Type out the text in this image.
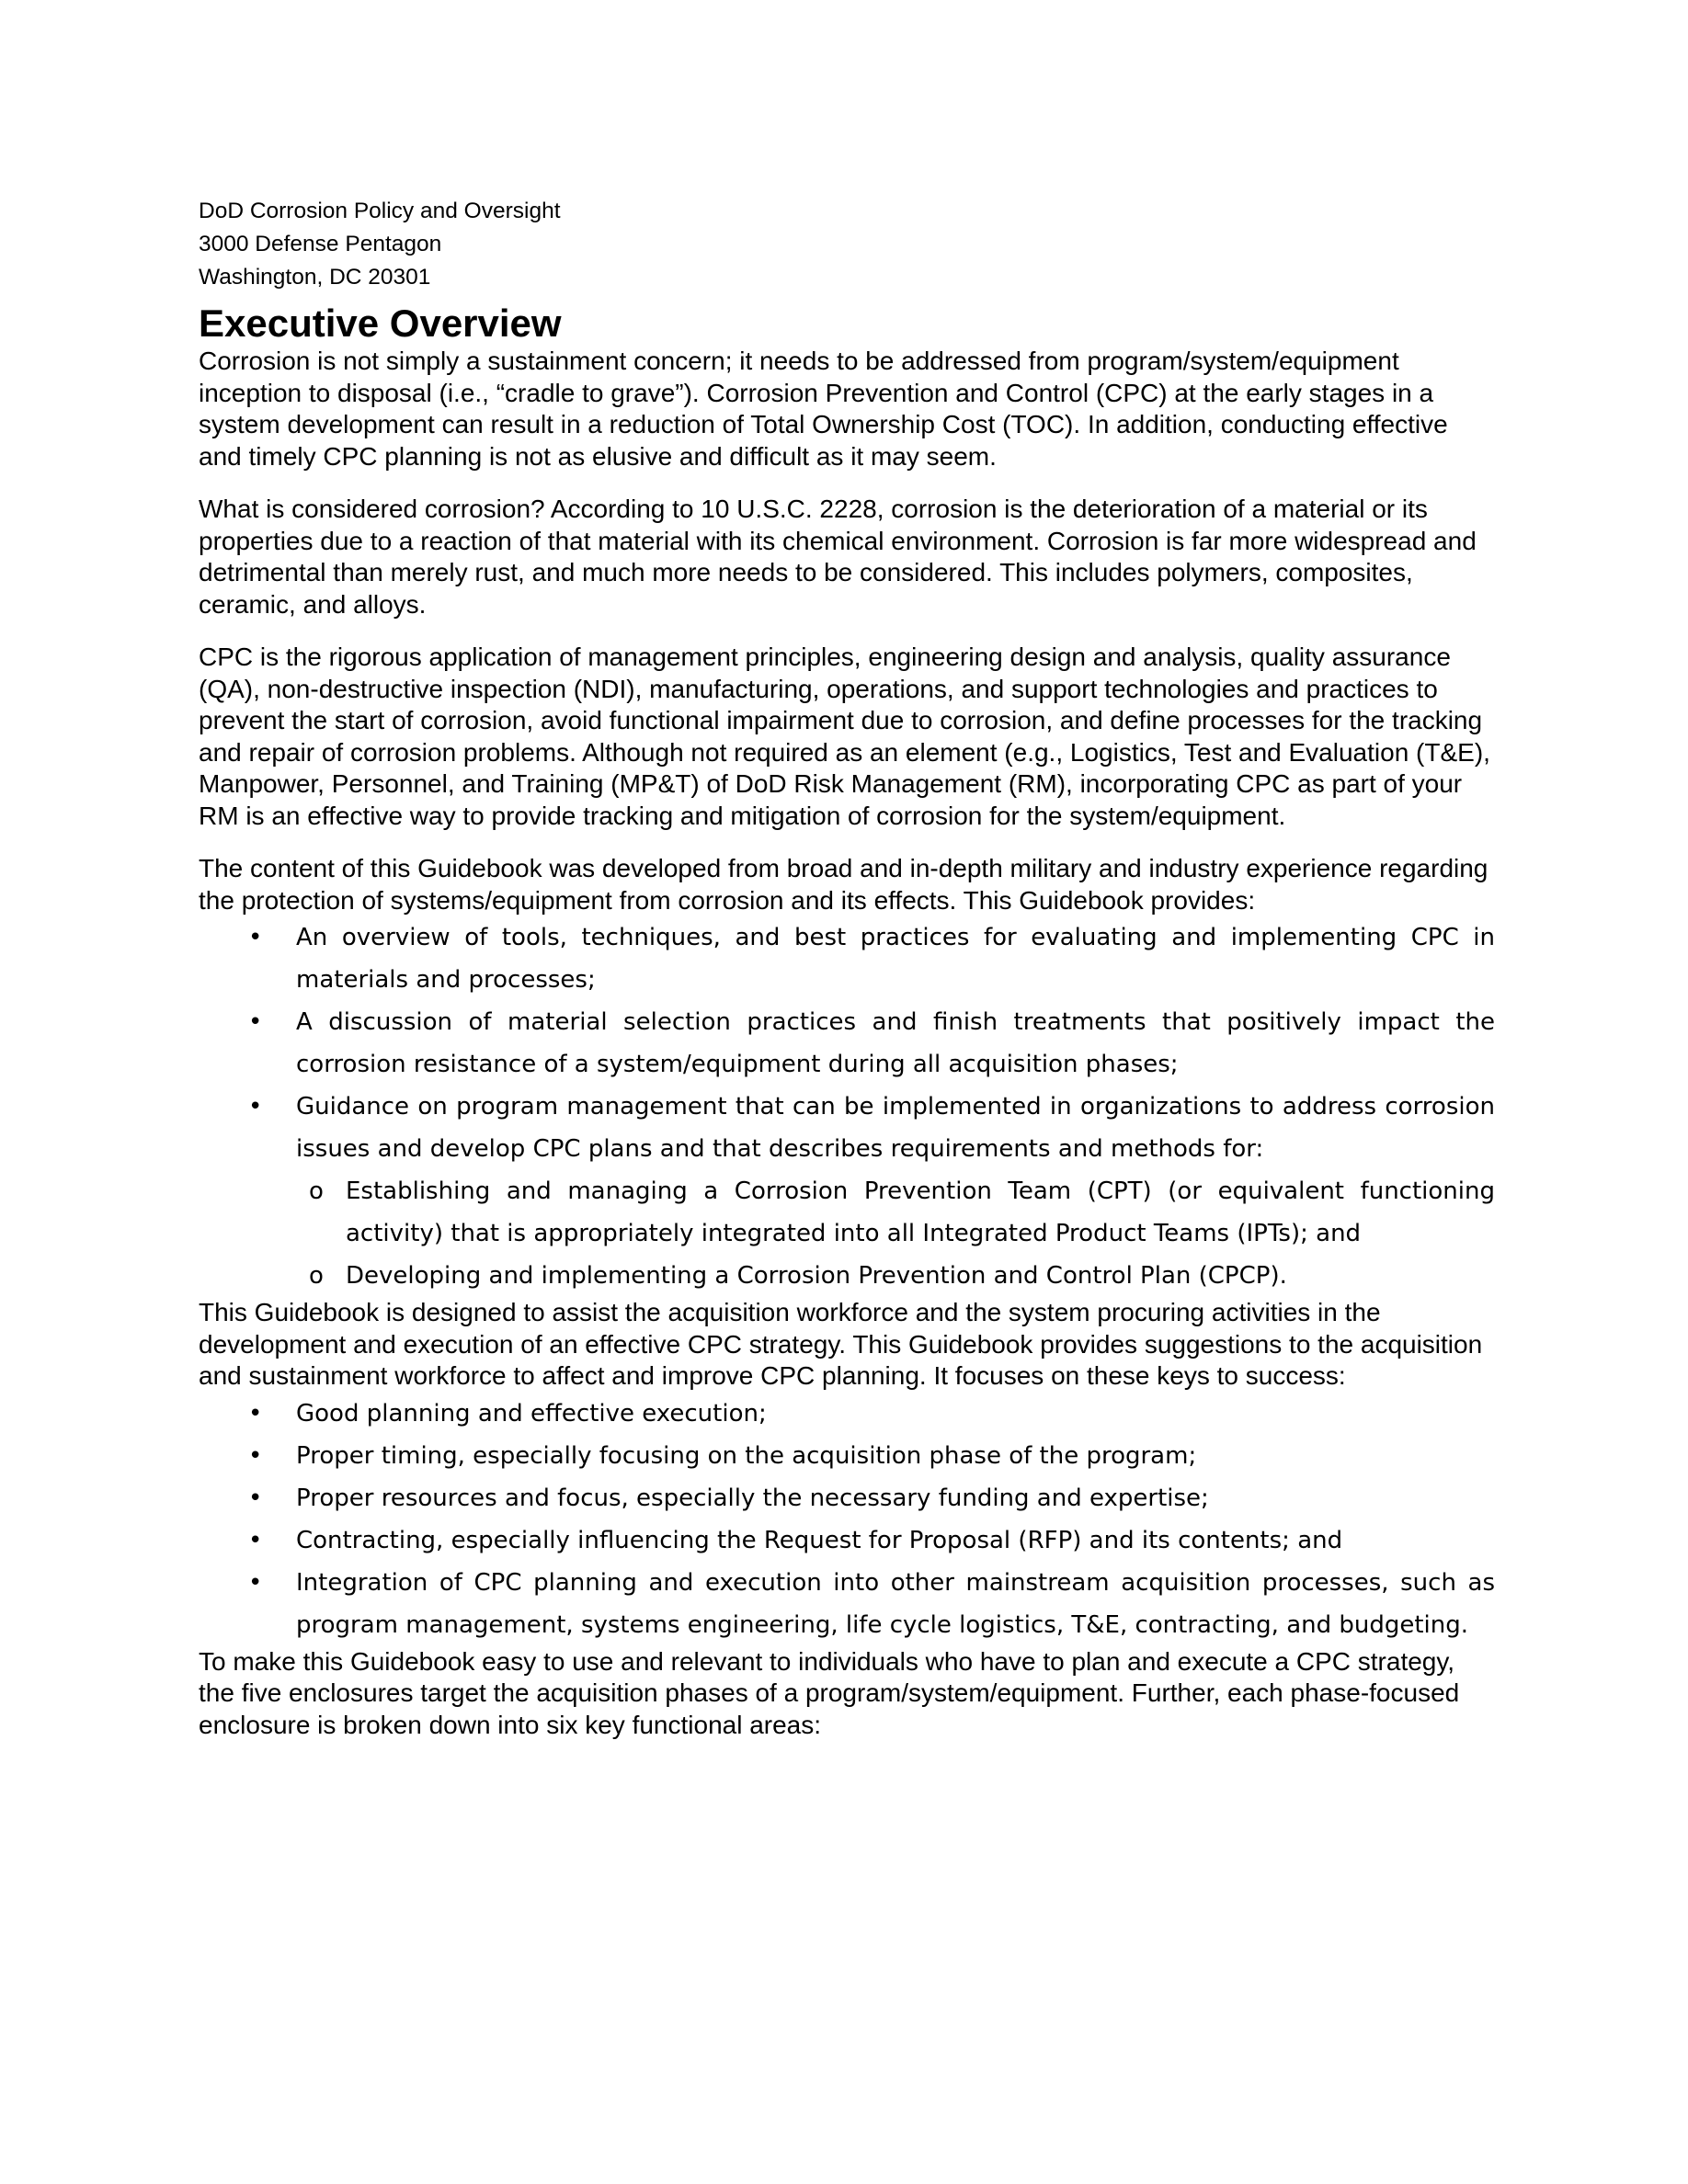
DoD Corrosion Policy and Oversight
3000 Defense Pentagon
Washington, DC 20301
Executive Overview

Corrosion is not simply a sustainment concern; it needs to be addressed from program/system/equipment inception to disposal (i.e., “cradle to grave”). Corrosion Prevention and Control (CPC) at the early stages in a system development can result in a reduction of Total Ownership Cost (TOC). In addition, conducting effective and timely CPC planning is not as elusive and difficult as it may seem.

What is considered corrosion? According to 10 U.S.C. 2228, corrosion is the deterioration of a material or its properties due to a reaction of that material with its chemical environment. Corrosion is far more widespread and detrimental than merely rust, and much more needs to be considered. This includes polymers, composites, ceramic, and alloys.

CPC is the rigorous application of management principles, engineering design and analysis, quality assurance (QA), non-destructive inspection (NDI), manufacturing, operations, and support technologies and practices to prevent the start of corrosion, avoid functional impairment due to corrosion, and define processes for the tracking and repair of corrosion problems. Although not required as an element (e.g., Logistics, Test and Evaluation (T&E), Manpower, Personnel, and Training (MP&T) of DoD Risk Management (RM), incorporating CPC as part of your RM is an effective way to provide tracking and mitigation of corrosion for the system/equipment.

The content of this Guidebook was developed from broad and in-depth military and industry experience regarding the protection of systems/equipment from corrosion and its effects. This Guidebook provides:

• An overview of tools, techniques, and best practices for evaluating and implementing CPC in materials and processes;
• A discussion of material selection practices and finish treatments that positively impact the corrosion resistance of a system/equipment during all acquisition phases;
• Guidance on program management that can be implemented in organizations to address corrosion issues and develop CPC plans and that describes requirements and methods for:
o Establishing and managing a Corrosion Prevention Team (CPT) (or equivalent functioning activity) that is appropriately integrated into all Integrated Product Teams (IPTs); and
o Developing and implementing a Corrosion Prevention and Control Plan (CPCP).

This Guidebook is designed to assist the acquisition workforce and the system procuring activities in the development and execution of an effective CPC strategy. This Guidebook provides suggestions to the acquisition and sustainment workforce to affect and improve CPC planning. It focuses on these keys to success:

• Good planning and effective execution;
• Proper timing, especially focusing on the acquisition phase of the program;
• Proper resources and focus, especially the necessary funding and expertise;
• Contracting, especially influencing the Request for Proposal (RFP) and its contents; and
• Integration of CPC planning and execution into other mainstream acquisition processes, such as program management, systems engineering, life cycle logistics, T&E, contracting, and budgeting.

To make this Guidebook easy to use and relevant to individuals who have to plan and execute a CPC strategy, the five enclosures target the acquisition phases of a program/system/equipment. Further, each phase-focused enclosure is broken down into six key functional areas:
